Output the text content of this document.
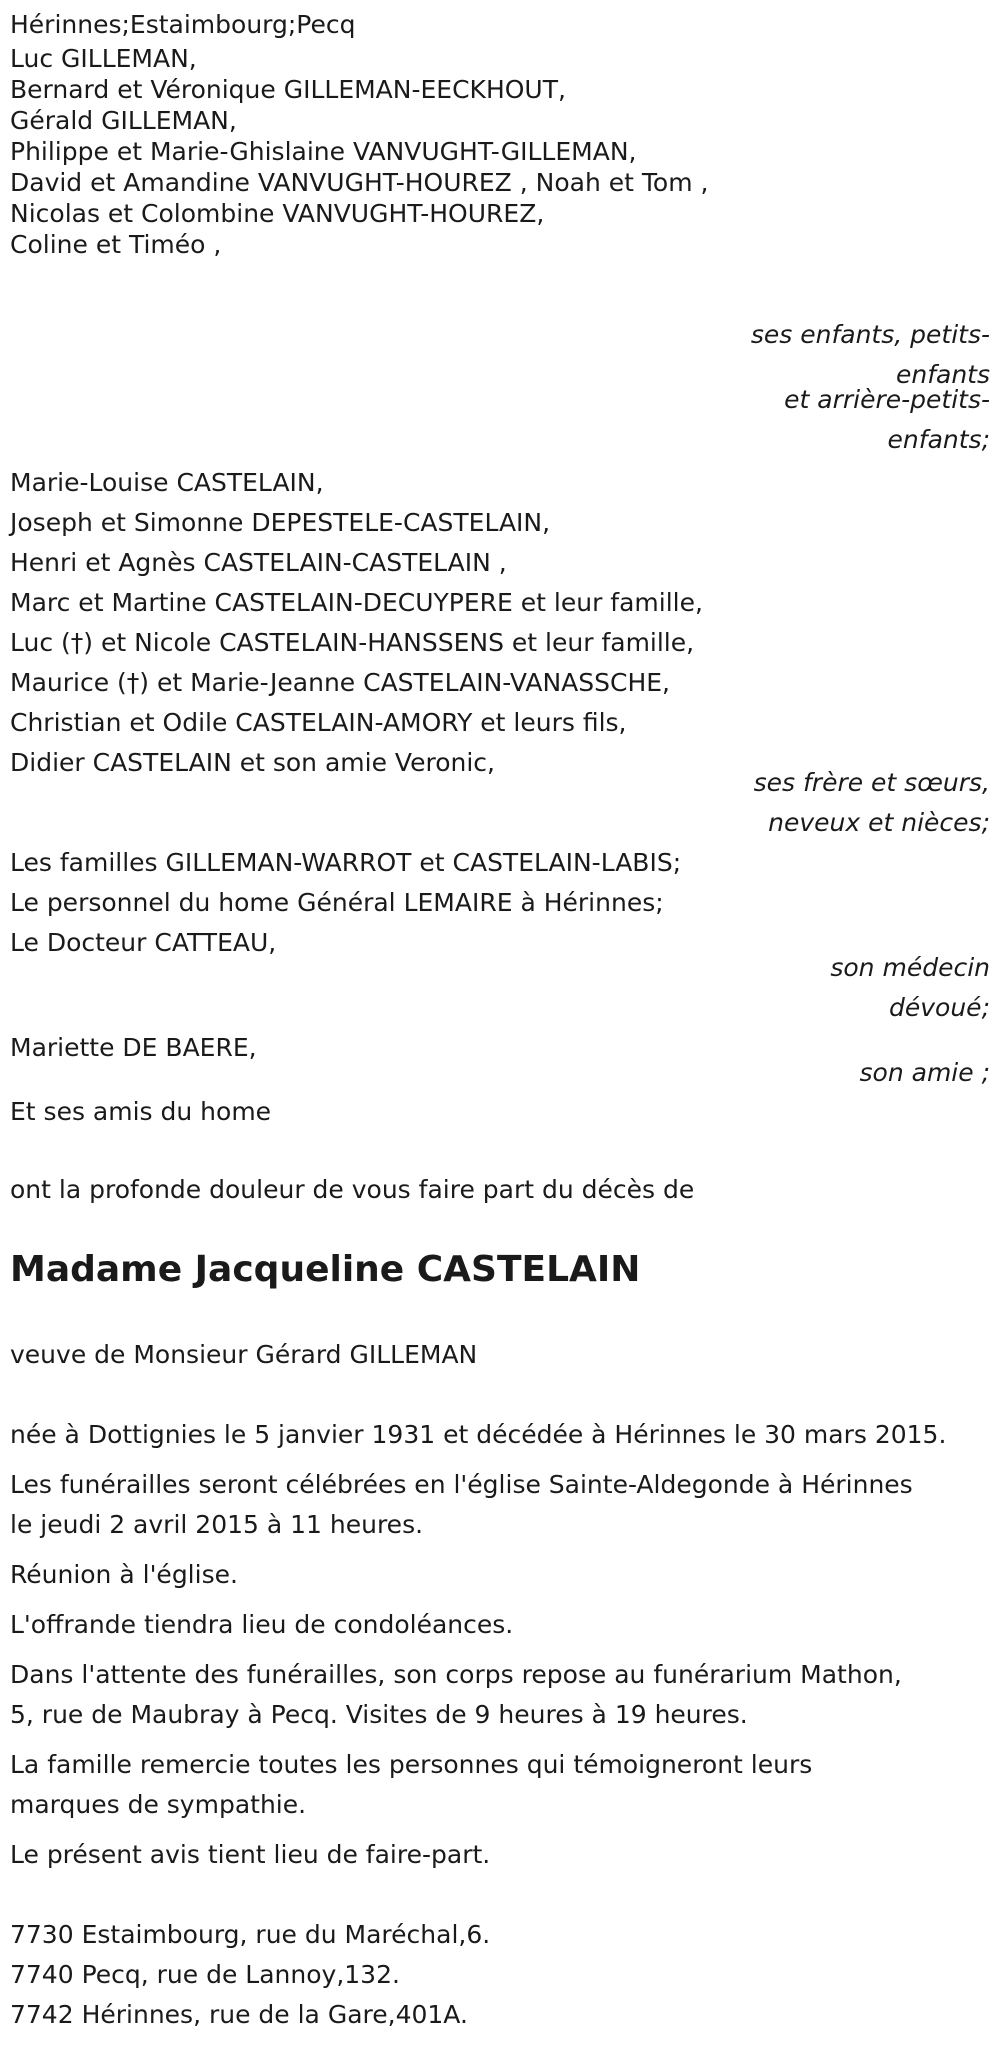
Hérinnes;Estaimbourg;Pecq
Luc GILLEMAN,
Bernard et Véronique GILLEMAN-EECKHOUT,
Gérald GILLEMAN,
Philippe et Marie-Ghislaine VANVUGHT-GILLEMAN,
David et Amandine VANVUGHT-HOUREZ , Noah et Tom ,
Nicolas et Colombine VANVUGHT-HOUREZ,
Coline et Timéo ,
ses enfants, petits-
enfants
et arrière-petits-
enfants;
Marie-Louise CASTELAIN,
Joseph et Simonne DEPESTELE-CASTELAIN,
Henri et Agnès CASTELAIN-CASTELAIN ,
Marc et Martine CASTELAIN-DECUYPERE et leur famille,
Luc (†) et Nicole CASTELAIN-HANSSENS et leur famille,
Maurice (†) et Marie-Jeanne CASTELAIN-VANASSCHE,
Christian et Odile CASTELAIN-AMORY et leurs fils,
Didier CASTELAIN et son amie Veronic,
ses frère et sœurs,
neveux et nièces;
Les familles GILLEMAN-WARROT et CASTELAIN-LABIS;
Le personnel du home Général LEMAIRE à Hérinnes;
Le Docteur CATTEAU,
son médecin
dévoué;
Mariette DE BAERE,
son amie ;
Et ses amis du home
ont la profonde douleur de vous faire part du décès de
Madame Jacqueline CASTELAIN
veuve de Monsieur Gérard GILLEMAN
née à Dottignies le 5 janvier 1931 et décédée à Hérinnes le 30 mars 2015.
Les funérailles seront célébrées en l'église Sainte-Aldegonde à Hérinnes
le jeudi 2 avril 2015 à 11 heures.
Réunion à l'église.
L'offrande tiendra lieu de condoléances.
Dans l'attente des funérailles, son corps repose au funérarium Mathon,
5, rue de Maubray à Pecq. Visites de 9 heures à 19 heures.
La famille remercie toutes les personnes qui témoigneront leurs
marques de sympathie.
Le présent avis tient lieu de faire-part.
7730 Estaimbourg, rue du Maréchal,6.
7740 Pecq, rue de Lannoy,132.
7742 Hérinnes, rue de la Gare,401A.
